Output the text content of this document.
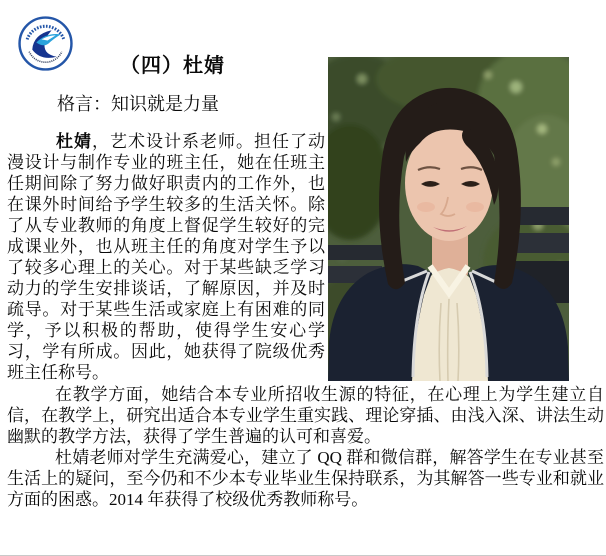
（四）杜婧
格言：知识就是力量

杜婧，艺术设计系老师。担任了动漫设计与制作专业的班主任，她在任班主任期间除了努力做好职责内的工作外，也在课外时间给予学生较多的生活关怀。除了从专业教师的角度上督促学生较好的完成课业外，也从班主任的角度对学生予以了较多心理上的关心。对于某些缺乏学习动力的学生安排谈话，了解原因，并及时疏导。对于某些生活或家庭上有困难的同学，予以积极的帮助，使得学生安心学习，学有所成。因此，她获得了院级优秀班主任称号。

在教学方面，她结合本专业所招收生源的特征，在心理上为学生建立自信，在教学上，研究出适合本专业学生重实践、理论穿插、由浅入深、讲法生动幽默的教学方法，获得了学生普遍的认可和喜爱。

杜婧老师对学生充满爱心，建立了 QQ 群和微信群，解答学生在专业甚至生活上的疑问，至今仍和不少本专业毕业生保持联系，为其解答一些专业和就业方面的困惑。2014 年获得了校级优秀教师称号。
